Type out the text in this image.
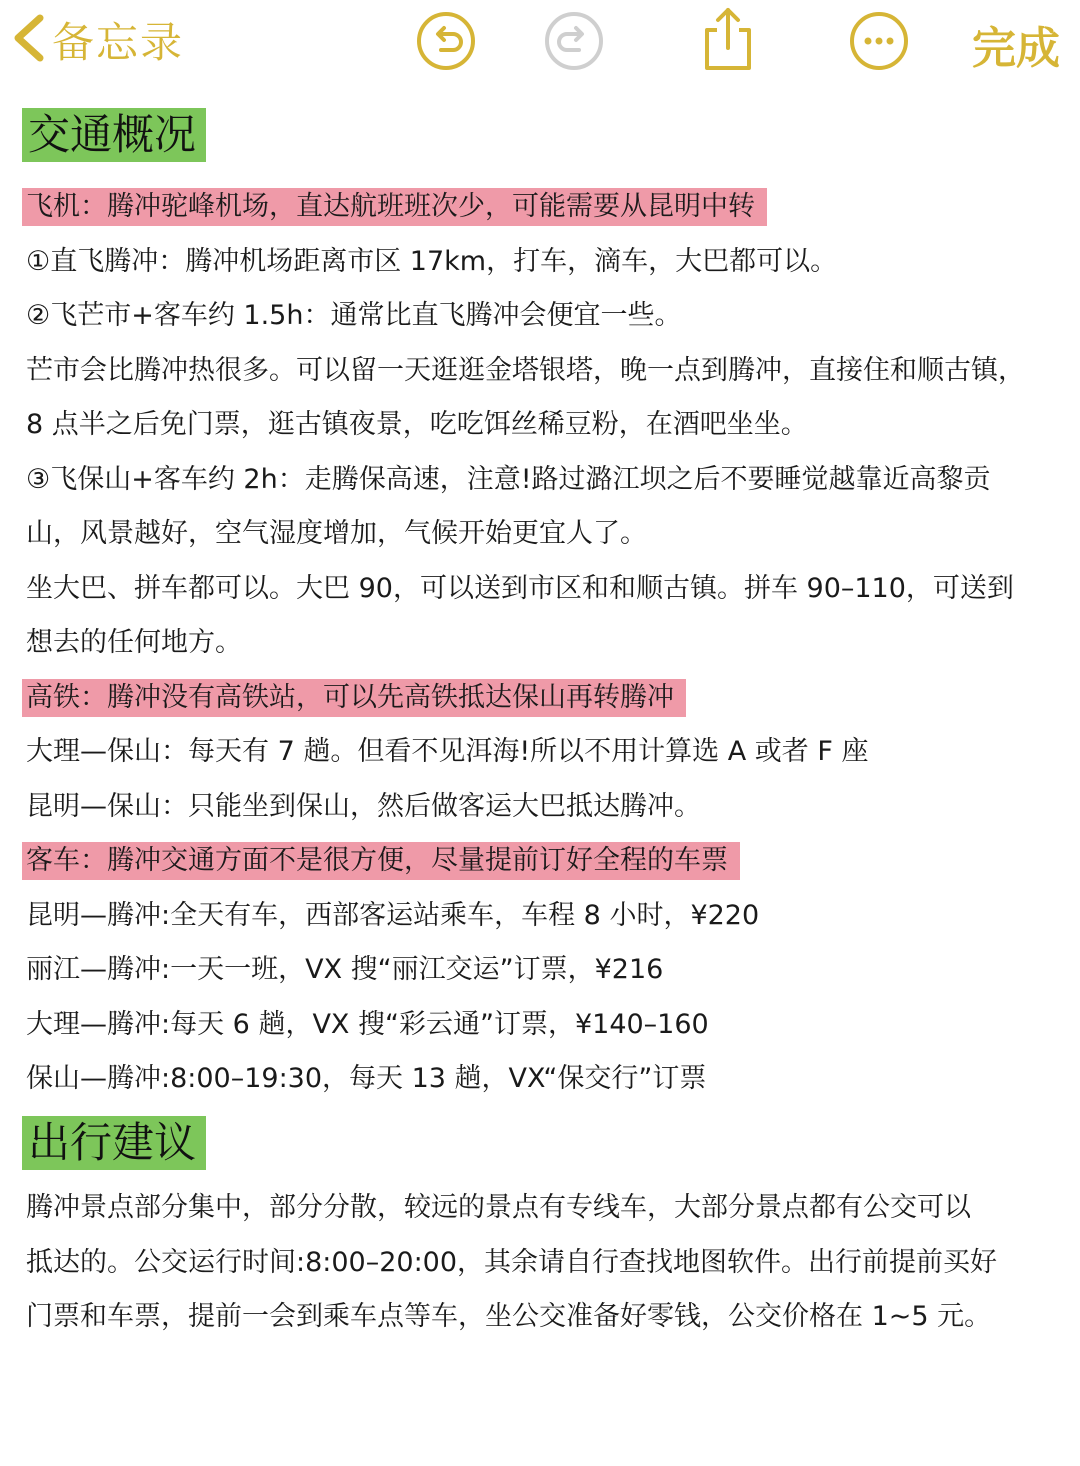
备忘录	完成
交通概况
飞机：腾冲驼峰机场，直达航班班次少，可能需要从昆明中转
①直飞腾冲：腾冲机场距离市区 17km，打车，滴车，大巴都可以。
②飞芒市+客车约 1.5h：通常比直飞腾冲会便宜一些。
芒市会比腾冲热很多。可以留一天逛逛金塔银塔，晚一点到腾冲，直接住和顺古镇，
8 点半之后免门票，逛古镇夜景，吃吃饵丝稀豆粉，在酒吧坐坐。
③飞保山+客车约 2h：走腾保高速，注意!路过潞江坝之后不要睡觉越靠近高黎贡
山，风景越好，空气湿度增加，气候开始更宜人了。
坐大巴、拼车都可以。大巴 90，可以送到市区和和顺古镇。拼车 90–110，可送到
想去的任何地方。
高铁：腾冲没有高铁站，可以先高铁抵达保山再转腾冲
大理—保山：每天有 7 趟。但看不见洱海!所以不用计算选 A 或者 F 座
昆明—保山：只能坐到保山，然后做客运大巴抵达腾冲。
客车：腾冲交通方面不是很方便，尽量提前订好全程的车票
昆明—腾冲:全天有车，西部客运站乘车，车程 8 小时，¥220
丽江—腾冲:一天一班，VX 搜“丽江交运”订票，¥216
大理—腾冲:每天 6 趟，VX 搜“彩云通”订票，¥140–160
保山—腾冲:8:00–19:30，每天 13 趟，VX“保交行”订票
出行建议
腾冲景点部分集中，部分分散，较远的景点有专线车，大部分景点都有公交可以
抵达的。公交运行时间:8:00–20:00，其余请自行查找地图软件。出行前提前买好
门票和车票，提前一会到乘车点等车，坐公交准备好零钱，公交价格在 1~5 元。
